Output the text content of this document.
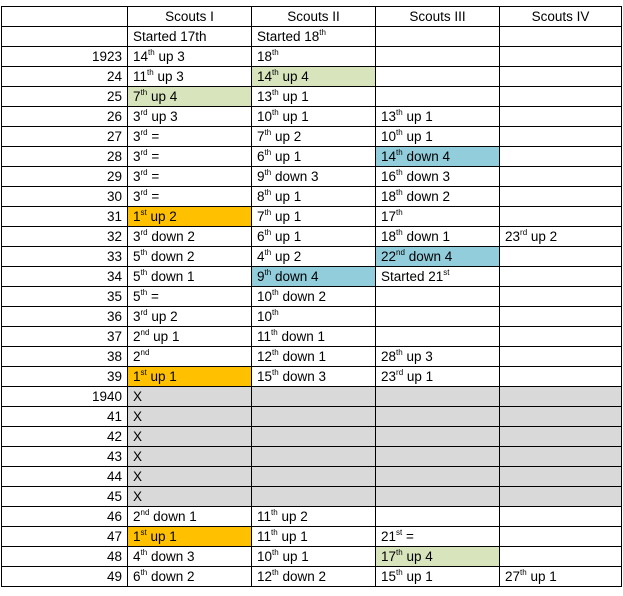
	Scouts I	Scouts II	Scouts III	Scouts IV
	Started 17th	Started 18th		
1923	14th up 3	18th		
24	11th up 3	14th up 4		
25	7th up 4	13th up 1		
26	3rd up 3	10th up 1	13th up 1	
27	3rd =	7th up 2	10th up 1	
28	3rd =	6th up 1	14th down 4	
29	3rd =	9th down 3	16th down 3	
30	3rd =	8th up 1	18th down 2	
31	1st up 2	7th up 1	17th	
32	3rd down 2	6th up 1	18th down 1	23rd up 2
33	5th down 2	4th up 2	22nd down 4	
34	5th down 1	9th down 4	Started 21st	
35	5th =	10th down 2		
36	3rd up 2	10th		
37	2nd up 1	11th down 1		
38	2nd	12th down 1	28th up 3	
39	1st up 1	15th down 3	23rd up 1	
1940	X			
41	X			
42	X			
43	X			
44	X			
45	X			
46	2nd down 1	11th up 2		
47	1st up 1	11th up 1	21st =	
48	4th down 3	10th up 1	17th up 4	
49	6th down 2	12th down 2	15th up 1	27th up 1
